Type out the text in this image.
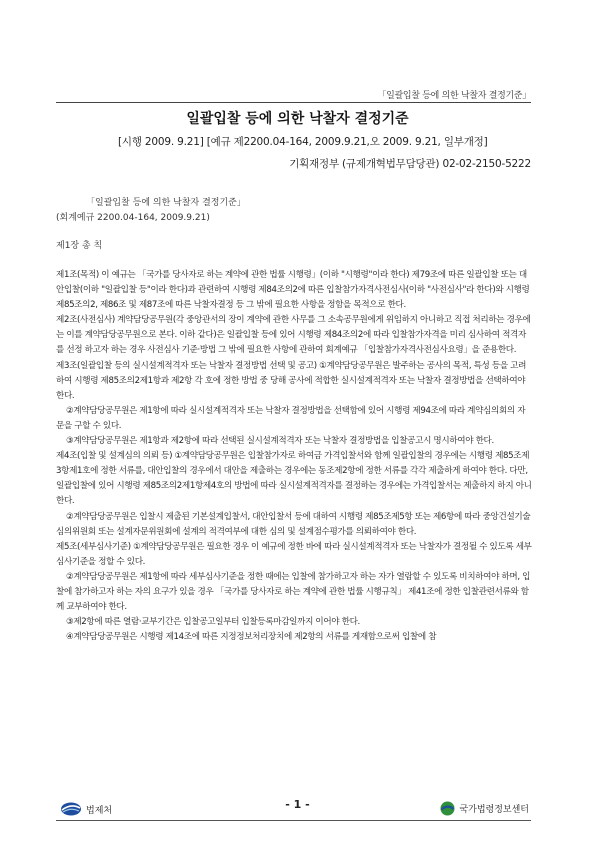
「일괄입찰 등에 의한 낙찰자 결정기준」
일괄입찰 등에 의한 낙찰자 결정기준
[시행 2009. 9.21] [예규 제2200.04-164, 2009.9.21,오 2009. 9.21, 일부개정]
기획재정부 (규제개혁법무담당관) 02-02-2150-5222
「일괄입찰 등에 의한 낙찰자 결정기준」
(회계예규 2200.04-164, 2009.9.21)
제1장 총 칙

제1조(목적) 이 예규는 「국가를 당사자로 하는 계약에 관한 법률 시행령」(이하 "시행령"이라 한다) 제79조에 따른 일괄입찰 또는 대안입찰(이하 "일괄입찰 등"이라 한다)과 관련하여 시행령 제84조의2에 따른 입찰참가자격사전심사(이하 "사전심사"라 한다)와 시행령 제85조의2, 제86조 및 제87조에 따른 낙찰자결정 등 그 밖에 필요한 사항을 정함을 목적으로 한다.

제2조(사전심사) 계약담당공무원(각 중앙관서의 장이 계약에 관한 사무를 그 소속공무원에게 위임하지 아니하고 직접 처리하는 경우에는 이를 계약담당공무원으로 본다. 이하 같다)은 일괄입찰 등에 있어 시행령 제84조의2에 따라 입찰참가자격을 미리 심사하여 적격자를 선정 하고자 하는 경우 사전심사 기준·방법 그 밖에 필요한 사항에 관하여 회계예규 「입찰참가자격사전심사요령」을 준용한다.

제3조(일괄입찰 등의 실시설계적격자 또는 낙찰자 결정방법 선택 및 공고) ①계약담당공무원은 발주하는 공사의 목적, 특성 등을 고려하여 시행령 제85조의2제1항과 제2항 각 호에 정한 방법 중 당해 공사에 적합한 실시설계적격자 또는 낙찰자 결정방법을 선택하여야 한다.

②계약담당공무원은 제1항에 따라 실시설계적격자 또는 낙찰자 결정방법을 선택함에 있어 시행령 제94조에 따라 계약심의회의 자문을 구할 수 있다.

③계약담당공무원은 제1항과 제2항에 따라 선택된 실시설계적격자 또는 낙찰자 결정방법을 입찰공고시 명시하여야 한다.

제4조(입찰 및 설계심의 의뢰 등) ①계약담당공무원은 입찰참가자로 하여금 가격입찰서와 함께 일괄입찰의 경우에는 시행령 제85조제3항제1호에 정한 서류를, 대안입찰의 경우에서 대안을 제출하는 경우에는 동조제2항에 정한 서류를 각각 제출하게 하여야 한다. 다만, 일괄입찰에 있어 시행령 제85조의2제1항제4호의 방법에 따라 실시설계적격자를 결정하는 경우에는 가격입찰서는 제출하지 하지 아니한다.

②계약담당공무원은 입찰시 제출된 기본설계입찰서, 대안입찰서 등에 대하여 시행령 제85조제5항 또는 제6항에 따라 중앙건설기술심의위원회 또는 설계자문위원회에 설계의 적격여부에 대한 심의 및 설계점수평가를 의뢰하여야 한다.

제5조(세부심사기준) ①계약담당공무원은 필요한 경우 이 예규에 정한 바에 따라 실시설계적격자 또는 낙찰자가 결정될 수 있도록 세부심사기준을 정할 수 있다.

②계약담당공무원은 제1항에 따라 세부심사기준을 정한 때에는 입찰에 참가하고자 하는 자가 열람할 수 있도록 비치하여야 하며, 입찰에 참가하고자 하는 자의 요구가 있을 경우 「국가를 당사자로 하는 계약에 관한 법률 시행규칙」 제41조에 정한 입찰관련서류와 함께 교부하여야 한다.

③제2항에 따른 열람·교부기간은 입찰공고일부터 입찰등록마감일까지 이어야 한다.

④계약담당공무원은 시행령 제14조에 따른 지정정보처리장치에 제2항의 서류를 게재함으로써 입찰에 참

법제처	- 1 -	국가법령정보센터
